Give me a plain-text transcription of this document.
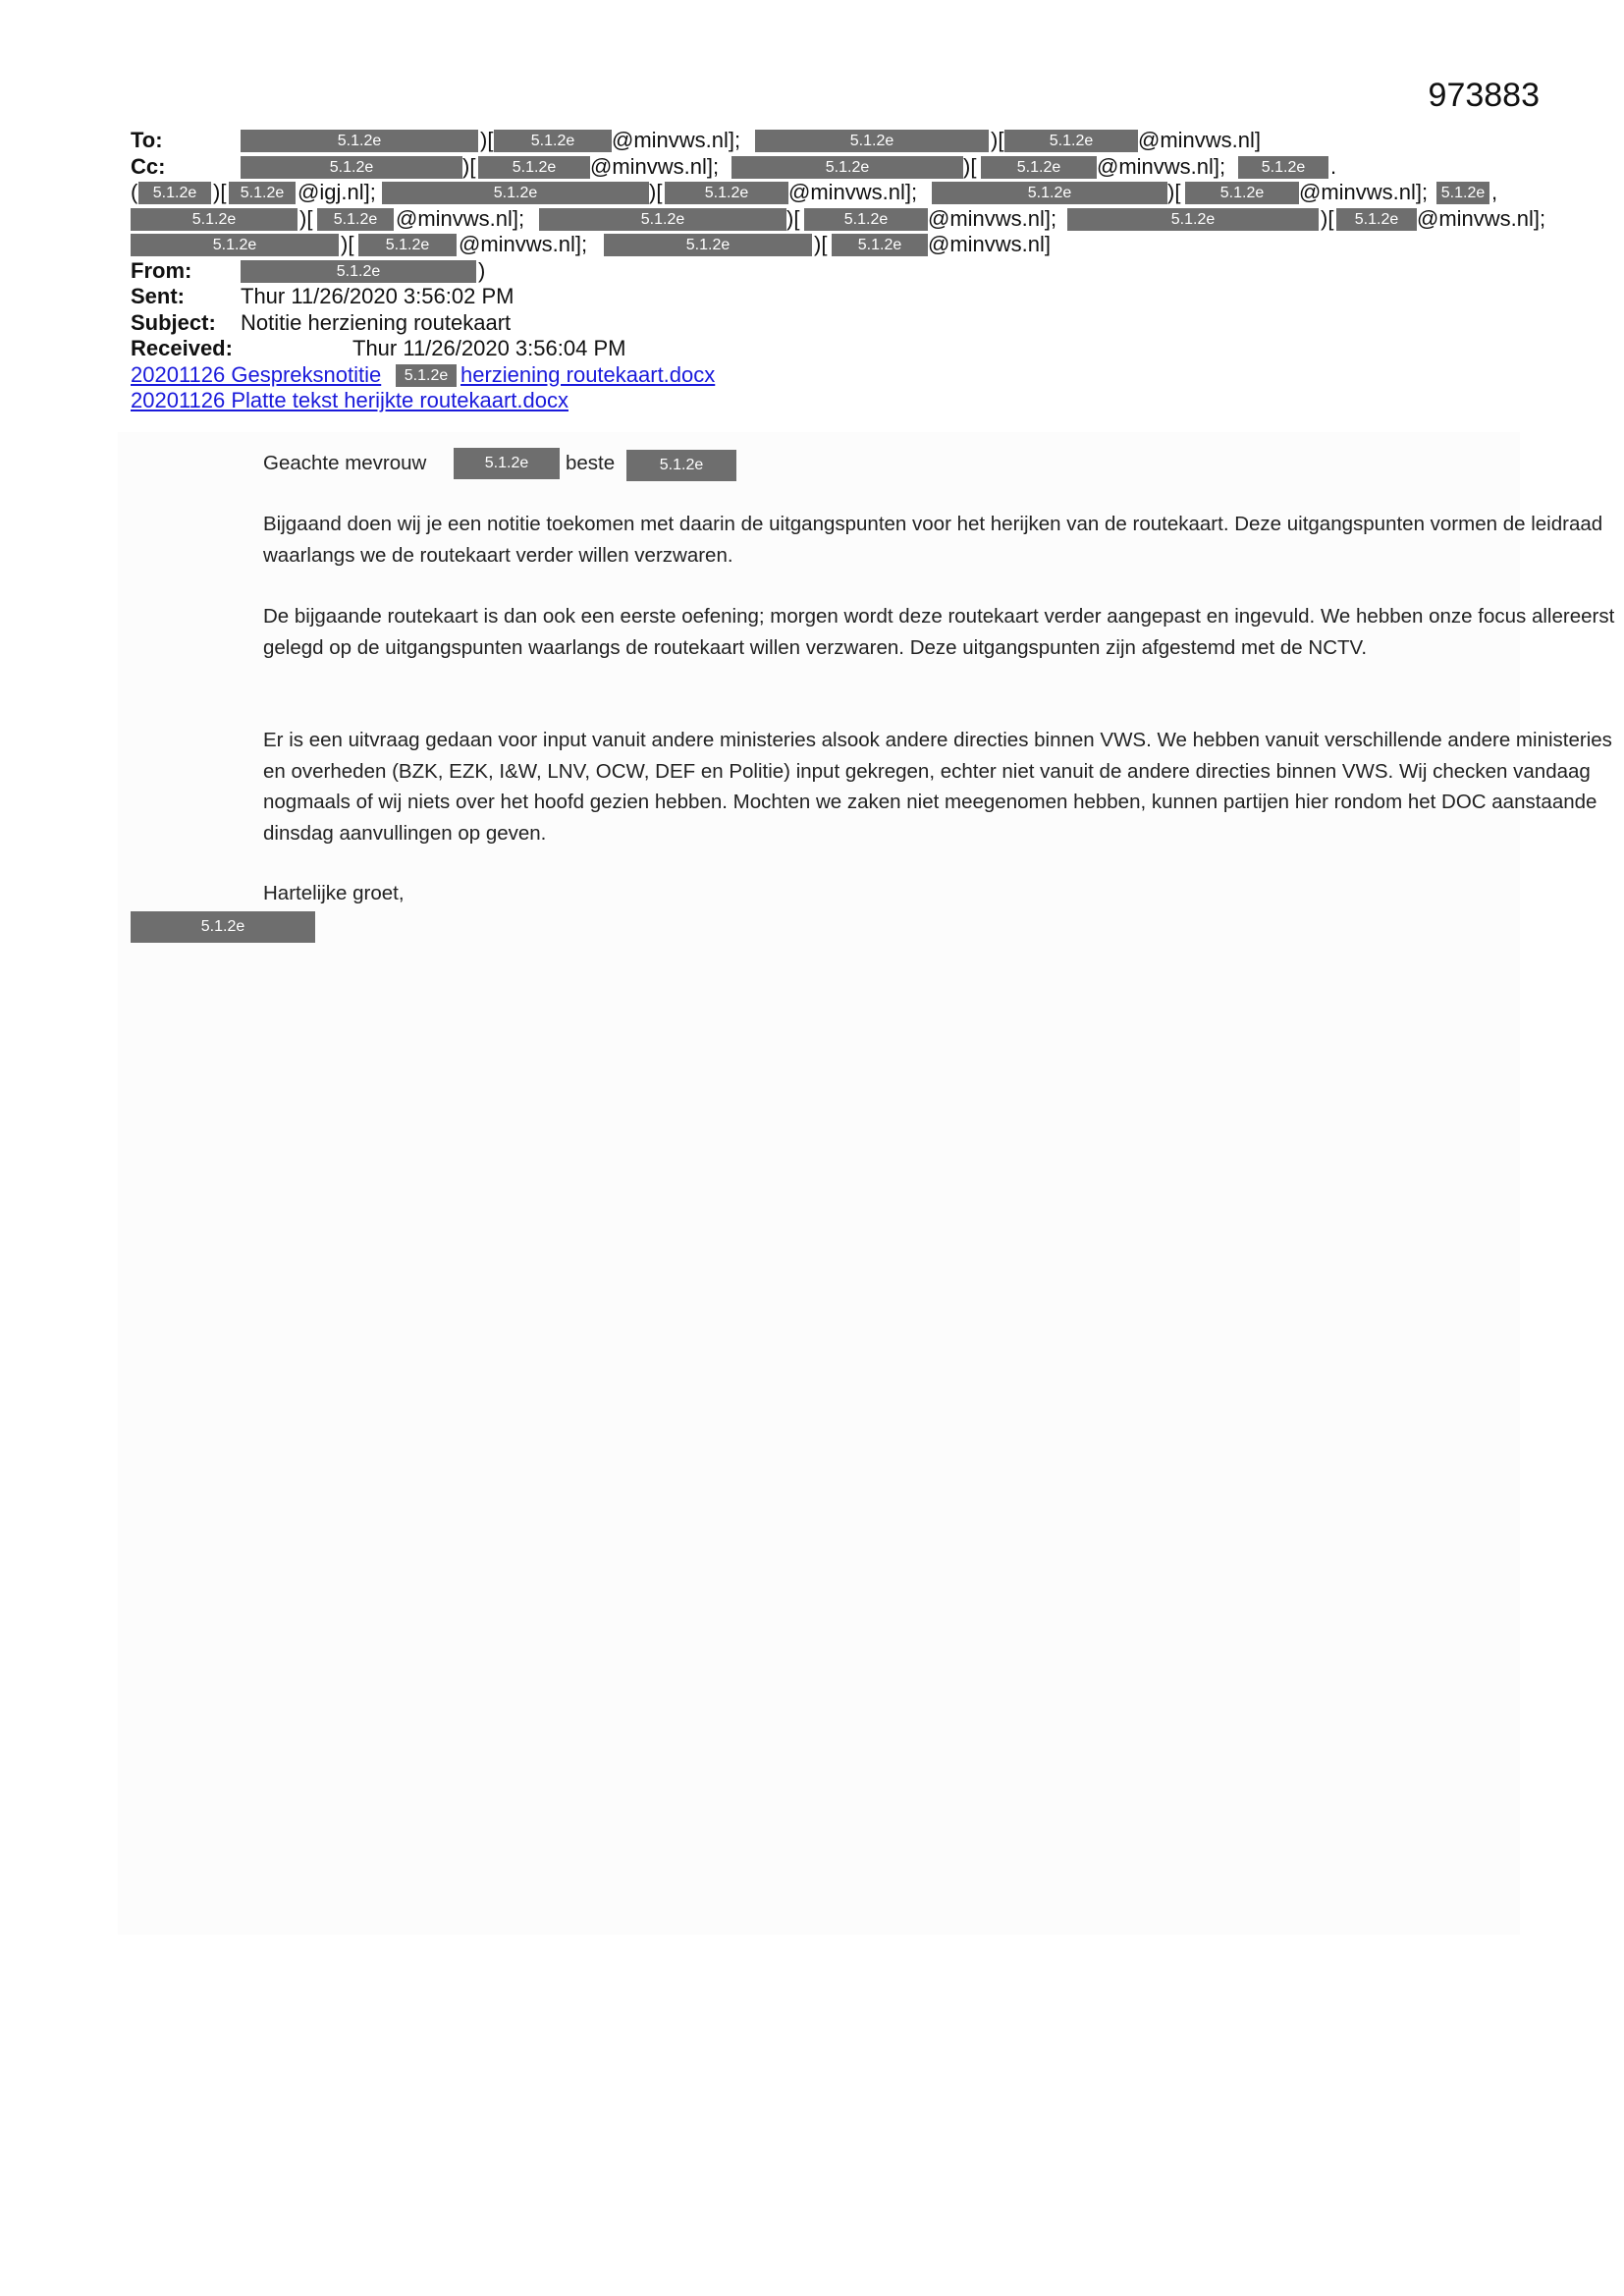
973883
To:	5.1.2e	)[	5.1.2e	@minvws.nl];	5.1.2e	)[	5.1.2e	@minvws.nl]
Cc:	5.1.2e	)[	5.1.2e	@minvws.nl];	5.1.2e	)[	5.1.2e	@minvws.nl];	5.1.2e	.
( 5.1.2e )[ 5.1.2e @igj.nl];	5.1.2e	)[	5.1.2e	@minvws.nl];	5.1.2e	)[	5.1.2e	@minvws.nl]; 5.1.2e ,
5.1.2e	)[	5.1.2e @minvws.nl];	5.1.2e	)[	5.1.2e	@minvws.nl];	5.1.2e	)[	5.1.2e @minvws.nl];
5.1.2e	)[	5.1.2e	@minvws.nl];	5.1.2e	)[	5.1.2e	@minvws.nl]
From:	5.1.2e	)
Sent:	Thur 11/26/2020 3:56:02 PM
Subject: Notitie herziening routekaart
Received:	Thur 11/26/2020 3:56:04 PM
20201126 Gespreksnotitie	5.1.2e herziening routekaart.docx
20201126 Platte tekst herijkte routekaart.docx

Geachte mevrouw	5.1.2e	beste	5.1.2e

Bijgaand doen wij je een notitie toekomen met daarin de uitgangspunten voor het herijken van de routekaart. Deze uitgangspunten vormen de leidraad waarlangs we de routekaart verder willen verzwaren.

De bijgaande routekaart is dan ook een eerste oefening; morgen wordt deze routekaart verder aangepast en ingevuld. We hebben onze focus allereerst gelegd op de uitgangspunten waarlangs de routekaart willen verzwaren. Deze uitgangspunten zijn afgestemd met de NCTV.

Er is een uitvraag gedaan voor input vanuit andere ministeries alsook andere directies binnen VWS. We hebben vanuit verschillende andere ministeries en overheden (BZK, EZK, I&W, LNV, OCW, DEF en Politie) input gekregen, echter niet vanuit de andere directies binnen VWS. Wij checken vandaag nogmaals of wij niets over het hoofd gezien hebben. Mochten we zaken niet meegenomen hebben, kunnen partijen hier rondom het DOC aanstaande dinsdag aanvullingen op geven.

Hartelijke groet,

5.1.2e
